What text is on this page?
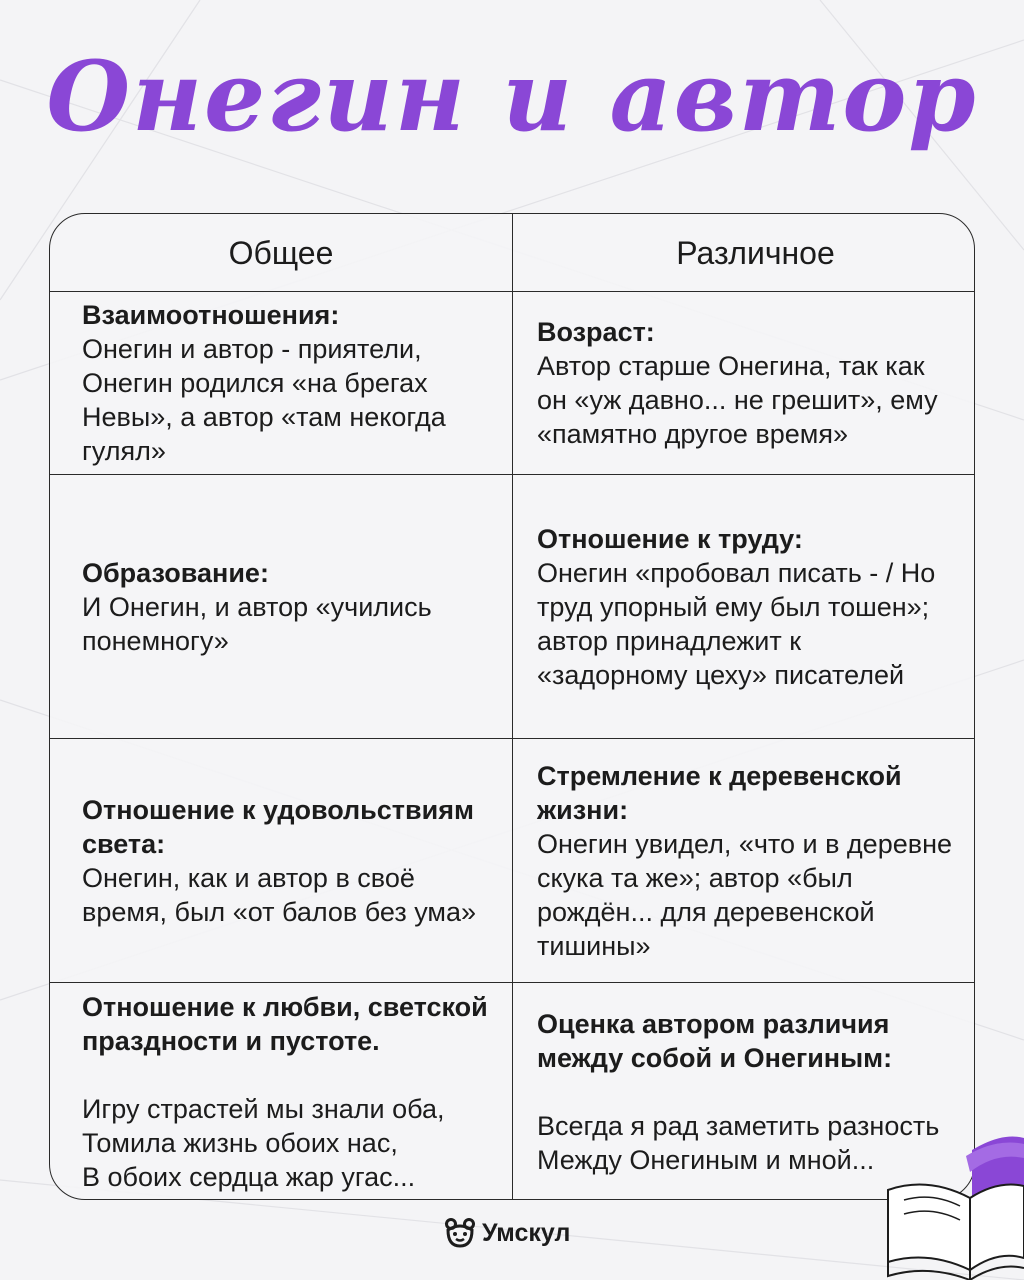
Онегин и автор
Общее	Различное
Взаимоотношения:
Онегин и автор - приятели,
Онегин родился «на брегах
Невы», а автор «там некогда
гулял»
Возраст:
Автор старше Онегина, так как
он «уж давно... не грешит», ему
«памятно другое время»
Образование:
И Онегин, и автор «учились
понемногу»
Отношение к труду:
Онегин «пробовал писать - / Но
труд упорный ему был тошен»;
автор принадлежит к
«задорному цеху» писателей
Отношение к удовольствиям
света:
Онегин, как и автор в своё
время, был «от балов без ума»
Стремление к деревенской
жизни:
Онегин увидел, «что и в деревне
скука та же»; автор «был
рождён... для деревенской
тишины»
Отношение к любви, светской
праздности и пустоте.
Игру страстей мы знали оба,
Томила жизнь обоих нас,
В обоих сердца жар угас...
Оценка автором различия
между собой и Онегиным:
Всегда я рад заметить разность
Между Онегиным и мной...
Умскул
